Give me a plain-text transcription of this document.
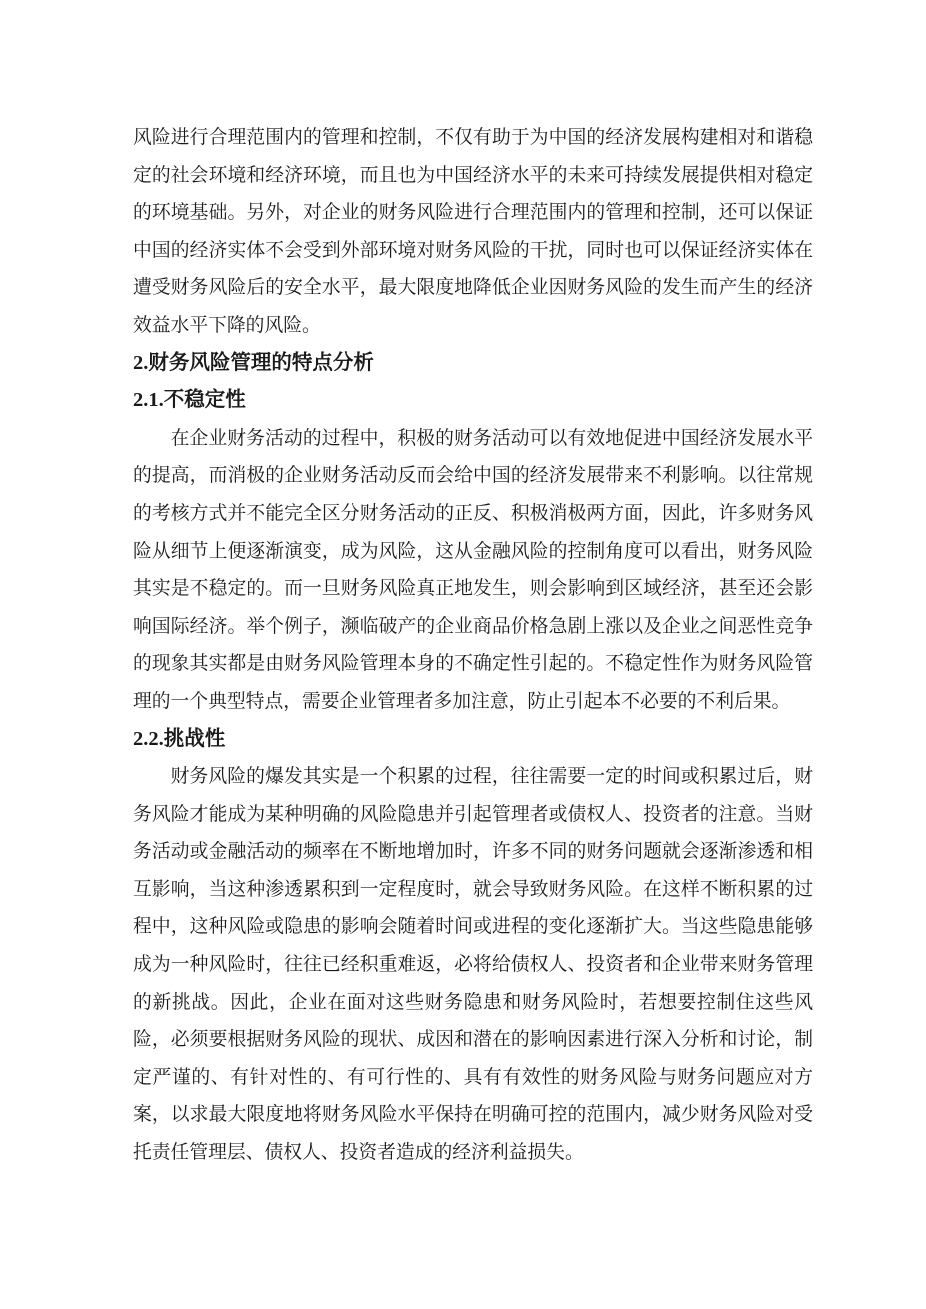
风险进行合理范围内的管理和控制，不仅有助于为中国的经济发展构建相对和谐稳定的社会环境和经济环境，而且也为中国经济水平的未来可持续发展提供相对稳定的环境基础。另外，对企业的财务风险进行合理范围内的管理和控制，还可以保证中国的经济实体不会受到外部环境对财务风险的干扰，同时也可以保证经济实体在遭受财务风险后的安全水平，最大限度地降低企业因财务风险的发生而产生的经济效益水平下降的风险。

2.财务风险管理的特点分析
2.1.不稳定性

在企业财务活动的过程中，积极的财务活动可以有效地促进中国经济发展水平的提高，而消极的企业财务活动反而会给中国的经济发展带来不利影响。以往常规的考核方式并不能完全区分财务活动的正反、积极消极两方面，因此，许多财务风险从细节上便逐渐演变，成为风险，这从金融风险的控制角度可以看出，财务风险其实是不稳定的。而一旦财务风险真正地发生，则会影响到区域经济，甚至还会影响国际经济。举个例子，濒临破产的企业商品价格急剧上涨以及企业之间恶性竞争的现象其实都是由财务风险管理本身的不确定性引起的。不稳定性作为财务风险管理的一个典型特点，需要企业管理者多加注意，防止引起本不必要的不利后果。

2.2.挑战性

财务风险的爆发其实是一个积累的过程，往往需要一定的时间或积累过后，财务风险才能成为某种明确的风险隐患并引起管理者或债权人、投资者的注意。当财务活动或金融活动的频率在不断地增加时，许多不同的财务问题就会逐渐渗透和相互影响，当这种渗透累积到一定程度时，就会导致财务风险。在这样不断积累的过程中，这种风险或隐患的影响会随着时间或进程的变化逐渐扩大。当这些隐患能够成为一种风险时，往往已经积重难返，必将给债权人、投资者和企业带来财务管理的新挑战。因此，企业在面对这些财务隐患和财务风险时，若想要控制住这些风险，必须要根据财务风险的现状、成因和潜在的影响因素进行深入分析和讨论，制定严谨的、有针对性的、有可行性的、具有有效性的财务风险与财务问题应对方案，以求最大限度地将财务风险水平保持在明确可控的范围内，减少财务风险对受托责任管理层、债权人、投资者造成的经济利益损失。
